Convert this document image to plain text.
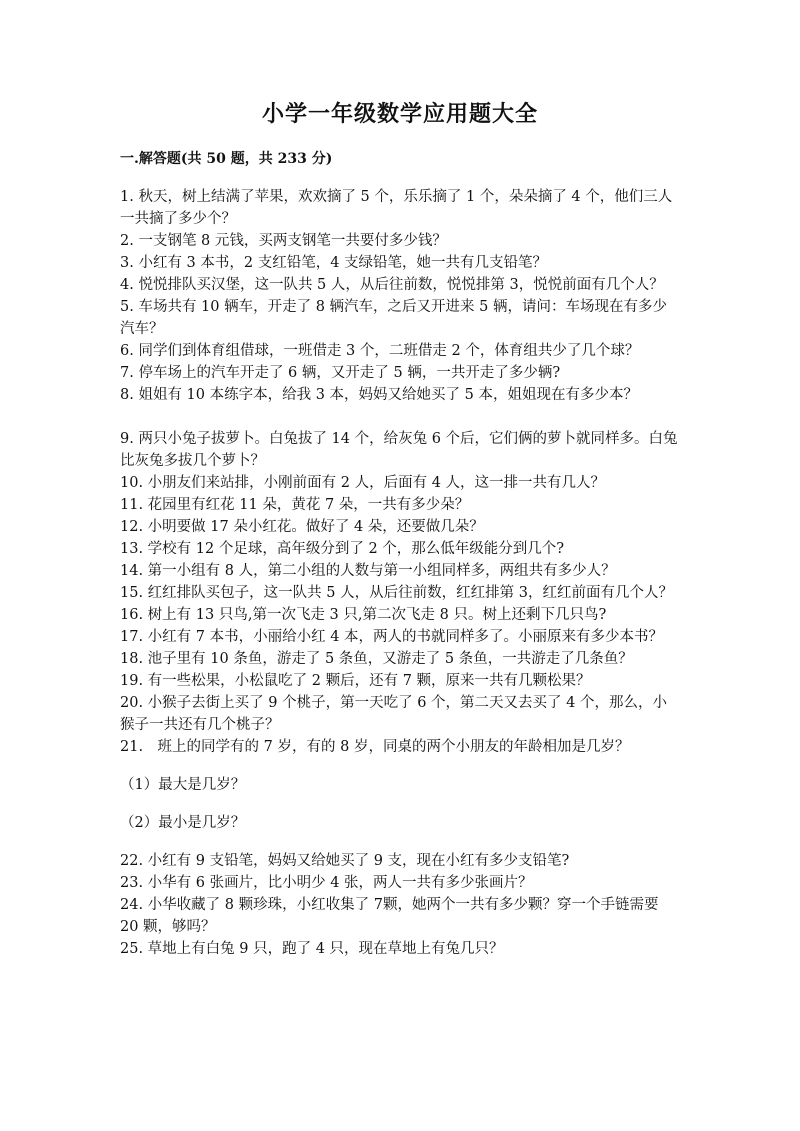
小学一年级数学应用题大全
一.解答题(共 50 题，共 233 分)

1. 秋天，树上结满了苹果，欢欢摘了 5 个，乐乐摘了 1 个，朵朵摘了 4 个，他们三人一共摘了多少个？

2. 一支钢笔 8 元钱，买两支钢笔一共要付多少钱？

3. 小红有 3 本书，2 支红铅笔，4 支绿铅笔，她一共有几支铅笔？

4. 悦悦排队买汉堡，这一队共 5 人，从后往前数，悦悦排第 3，悦悦前面有几个人？

5. 车场共有 10 辆车，开走了 8 辆汽车，之后又开进来 5 辆，请问：车场现在有多少汽车？

6. 同学们到体育组借球，一班借走 3 个，二班借走 2 个，体育组共少了几个球？

7. 停车场上的汽车开走了 6 辆，又开走了 5 辆，一共开走了多少辆?

8. 姐姐有 10 本练字本，给我 3 本，妈妈又给她买了 5 本，姐姐现在有多少本？

9. 两只小兔子拔萝卜。白兔拔了 14 个，给灰兔 6 个后，它们俩的萝卜就同样多。白兔比灰兔多拔几个萝卜？

10. 小朋友们来站排，小刚前面有 2 人，后面有 4 人，这一排一共有几人？

11. 花园里有红花 11 朵，黄花 7 朵，一共有多少朵？

12. 小明要做 17 朵小红花。做好了 4 朵，还要做几朵？

13. 学校有 12 个足球，高年级分到了 2 个，那么低年级能分到几个?

14. 第一小组有 8 人，第二小组的人数与第一小组同样多，两组共有多少人？

15. 红红排队买包子，这一队共 5 人，从后往前数，红红排第 3，红红前面有几个人？

16. 树上有 13 只鸟,第一次飞走 3 只,第二次飞走 8 只。树上还剩下几只鸟?

17. 小红有 7 本书，小丽给小红 4 本，两人的书就同样多了。小丽原来有多少本书？

18. 池子里有 10 条鱼，游走了 5 条鱼，又游走了 5 条鱼，一共游走了几条鱼？

19. 有一些松果，小松鼠吃了 2 颗后，还有 7 颗，原来一共有几颗松果？

20. 小猴子去街上买了 9 个桃子，第一天吃了 6 个，第二天又去买了 4 个，那么，小猴子一共还有几个桃子？

21.　班上的同学有的 7 岁，有的 8 岁，同桌的两个小朋友的年龄相加是几岁？

（1）最大是几岁？

（2）最小是几岁？

22. 小红有 9 支铅笔，妈妈又给她买了 9 支，现在小红有多少支铅笔?

23. 小华有 6 张画片，比小明少 4 张，两人一共有多少张画片？

24. 小华收藏了 8 颗珍珠，小红收集了 7颗，她两个一共有多少颗？穿一个手链需要 20 颗，够吗？

25. 草地上有白兔 9 只，跑了 4 只，现在草地上有兔几只？
